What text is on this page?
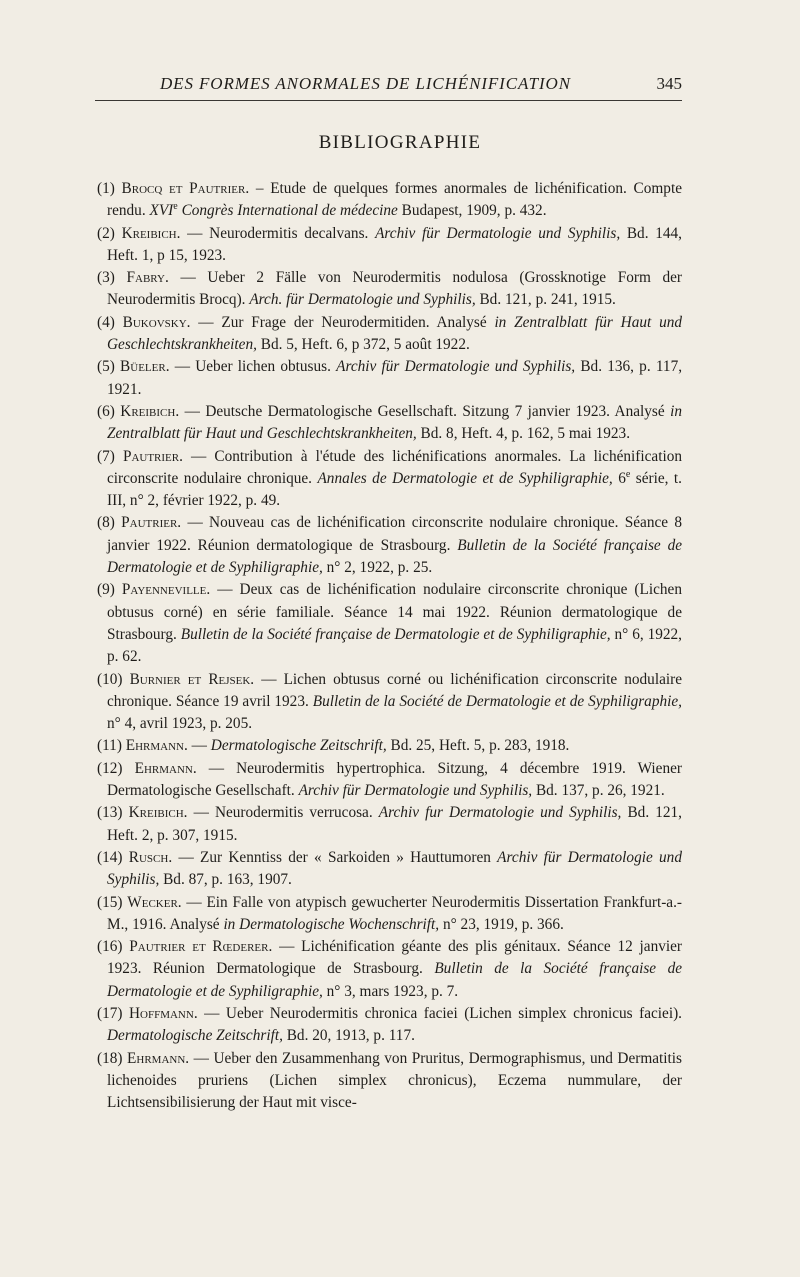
DES FORMES ANORMALES DE LICHÉNIFICATION	345
BIBLIOGRAPHIE

(1) Brocq et Pautrier. – Etude de quelques formes anormales de lichénification. Compte rendu. XVIe Congrès International de médecine Budapest, 1909, p. 432.

(2) Kreibich. — Neurodermitis decalvans. Archiv für Dermatologie und Syphilis, Bd. 144, Heft. 1, p 15, 1923.

(3) Fabry. — Ueber 2 Fälle von Neurodermitis nodulosa (Grossknotige Form der Neurodermitis Brocq). Arch. für Dermatologie und Syphilis, Bd. 121, p. 241, 1915.

(4) Bukovsky. — Zur Frage der Neurodermitiden. Analysé in Zentralblatt für Haut und Geschlechtskrankheiten, Bd. 5, Heft. 6, p 372, 5 août 1922.

(5) Büeler. — Ueber lichen obtusus. Archiv für Dermatologie und Syphilis, Bd. 136, p. 117, 1921.

(6) Kreibich. — Deutsche Dermatologische Gesellschaft. Sitzung 7 janvier 1923. Analysé in Zentralblatt für Haut und Geschlechtskrankheiten, Bd. 8, Heft. 4, p. 162, 5 mai 1923.

(7) Pautrier. — Contribution à l'étude des lichénifications anormales. La lichénification circonscrite nodulaire chronique. Annales de Dermatologie et de Syphiligraphie, 6e série, t. III, n° 2, février 1922, p. 49.

(8) Pautrier. — Nouveau cas de lichénification circonscrite nodulaire chronique. Séance 8 janvier 1922. Réunion dermatologique de Strasbourg. Bulletin de la Société française de Dermatologie et de Syphiligraphie, n° 2, 1922, p. 25.

(9) Payenneville. — Deux cas de lichénification nodulaire circonscrite chronique (Lichen obtusus corné) en série familiale. Séance 14 mai 1922. Réunion dermatologique de Strasbourg. Bulletin de la Société française de Dermatologie et de Syphiligraphie, n° 6, 1922, p. 62.

(10) Burnier et Rejsek. — Lichen obtusus corné ou lichénification circonscrite nodulaire chronique. Séance 19 avril 1923. Bulletin de la Société de Dermatologie et de Syphiligraphie, n° 4, avril 1923, p. 205.

(11) Ehrmann. — Dermatologische Zeitschrift, Bd. 25, Heft. 5, p. 283, 1918.

(12) Ehrmann. — Neurodermitis hypertrophica. Sitzung, 4 décembre 1919. Wiener Dermatologische Gesellschaft. Archiv für Dermatologie und Syphilis, Bd. 137, p. 26, 1921.

(13) Kreibich. — Neurodermitis verrucosa. Archiv fur Dermatologie und Syphilis, Bd. 121, Heft. 2, p. 307, 1915.

(14) Rusch. — Zur Kenntiss der « Sarkoiden » Hauttumoren Archiv für Dermatologie und Syphilis, Bd. 87, p. 163, 1907.

(15) Wecker. — Ein Falle von atypisch gewucherter Neurodermitis Dissertation Frankfurt-a.-M., 1916. Analysé in Dermatologische Wochenschrift, n° 23, 1919, p. 366.

(16) Pautrier et Rœderer. — Lichénification géante des plis génitaux. Séance 12 janvier 1923. Réunion Dermatologique de Strasbourg. Bulletin de la Société française de Dermatologie et de Syphiligraphie, n° 3, mars 1923, p. 7.

(17) Hoffmann. — Ueber Neurodermitis chronica faciei (Lichen simplex chronicus faciei). Dermatologische Zeitschrift, Bd. 20, 1913, p. 117.

(18) Ehrmann. — Ueber den Zusammenhang von Pruritus, Dermographismus, und Dermatitis lichenoides pruriens (Lichen simplex chronicus), Eczema nummulare, der Lichtsensibilisierung der Haut mit visce-
